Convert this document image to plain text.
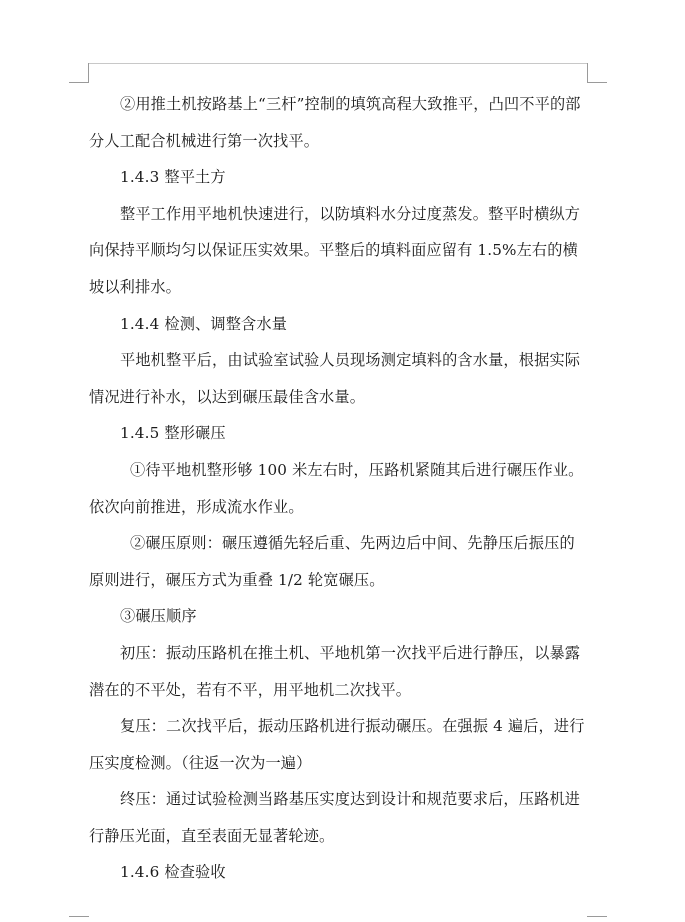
②用推土机按路基上“三杆”控制的填筑高程大致推平，凸凹不平的部分人工配合机械进行第一次找平。

1.4.3 整平土方

整平工作用平地机快速进行，以防填料水分过度蒸发。整平时横纵方向保持平顺均匀以保证压实效果。平整后的填料面应留有 1.5%左右的横坡以利排水。

1.4.4 检测、调整含水量

平地机整平后，由试验室试验人员现场测定填料的含水量，根据实际情况进行补水，以达到碾压最佳含水量。

1.4.5 整形碾压

①待平地机整形够 100 米左右时，压路机紧随其后进行碾压作业。依次向前推进，形成流水作业。

②碾压原则：碾压遵循先轻后重、先两边后中间、先静压后振压的原则进行，碾压方式为重叠 1/2 轮宽碾压。

③碾压顺序

初压：振动压路机在推土机、平地机第一次找平后进行静压，以暴露潜在的不平处，若有不平，用平地机二次找平。

复压：二次找平后，振动压路机进行振动碾压。在强振 4 遍后，进行压实度检测。（往返一次为一遍）

终压：通过试验检测当路基压实度达到设计和规范要求后，压路机进行静压光面，直至表面无显著轮迹。

1.4.6 检查验收
